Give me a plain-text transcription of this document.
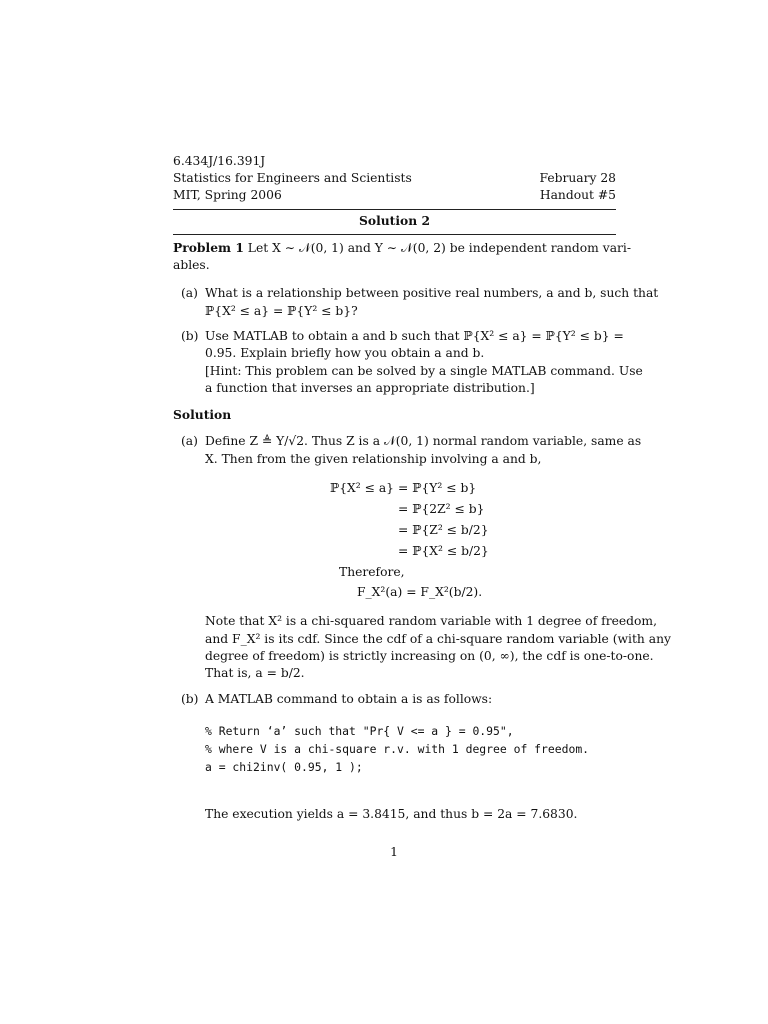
6.434J/16.391J
Statistics for Engineers and Scientists
MIT, Spring 2006
February 28
Handout #5
Solution 2
Problem 1 Let X ∼ 𝒩(0, 1) and Y ∼ 𝒩(0, 2) be independent random vari-
ables.
(a) What is a relationship between positive real numbers, a and b, such that
ℙ{X² ≤ a} = ℙ{Y² ≤ b}?
(b) Use MATLAB to obtain a and b such that ℙ{X² ≤ a} = ℙ{Y² ≤ b} =
0.95. Explain briefly how you obtain a and b.
[Hint: This problem can be solved by a single MATLAB command. Use
a function that inverses an appropriate distribution.]
Solution
(a) Define Z ≜ Y/√2. Thus Z is a 𝒩(0, 1) normal random variable, same as
X. Then from the given relationship involving a and b,
ℙ{X² ≤ a} = ℙ{Y² ≤ b}
= ℙ{2Z² ≤ b}
= ℙ{Z² ≤ b/2}
= ℙ{X² ≤ b/2}
Therefore,
F_X²(a) = F_X²(b/2).
Note that X² is a chi-squared random variable with 1 degree of freedom,
and F_X² is its cdf. Since the cdf of a chi-square random variable (with any
degree of freedom) is strictly increasing on (0, ∞), the cdf is one-to-one.
That is, a = b/2.
(b) A MATLAB command to obtain a is as follows:
% Return ‘a’ such that "Pr{ V <= a } = 0.95",
% where V is a chi-square r.v. with 1 degree of freedom.
a = chi2inv( 0.95, 1 );
The execution yields a = 3.8415, and thus b = 2a = 7.6830.
1
